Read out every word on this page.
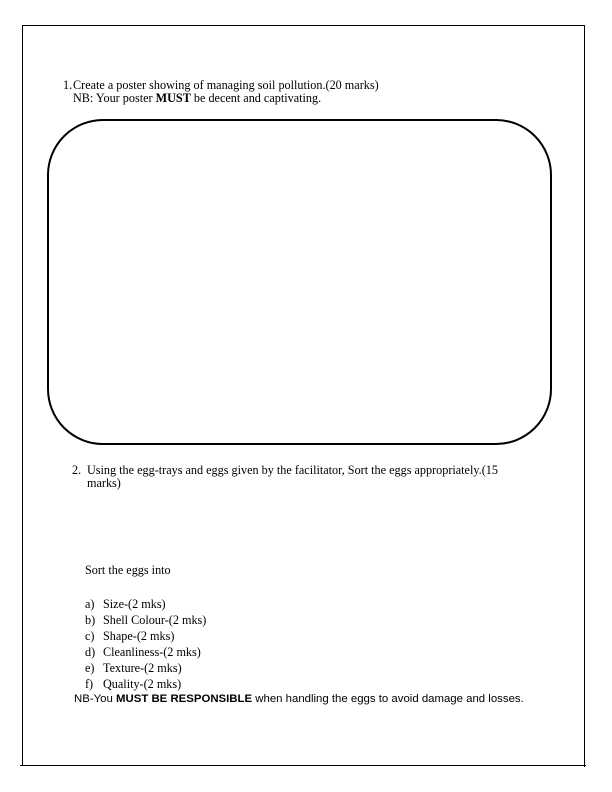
1. Create a poster showing of managing soil pollution.(20 marks)
NB: Your poster MUST be decent and captivating.
2. Using the egg-trays and eggs given by the facilitator, Sort the eggs appropriately.(15
marks)
Sort the eggs into
a) Size-(2 mks)
b) Shell Colour-(2 mks)
c) Shape-(2 mks)
d) Cleanliness-(2 mks)
e) Texture-(2 mks)
f) Quality-(2 mks)
NB-You MUST BE RESPONSIBLE when handling the eggs to avoid damage and losses.
